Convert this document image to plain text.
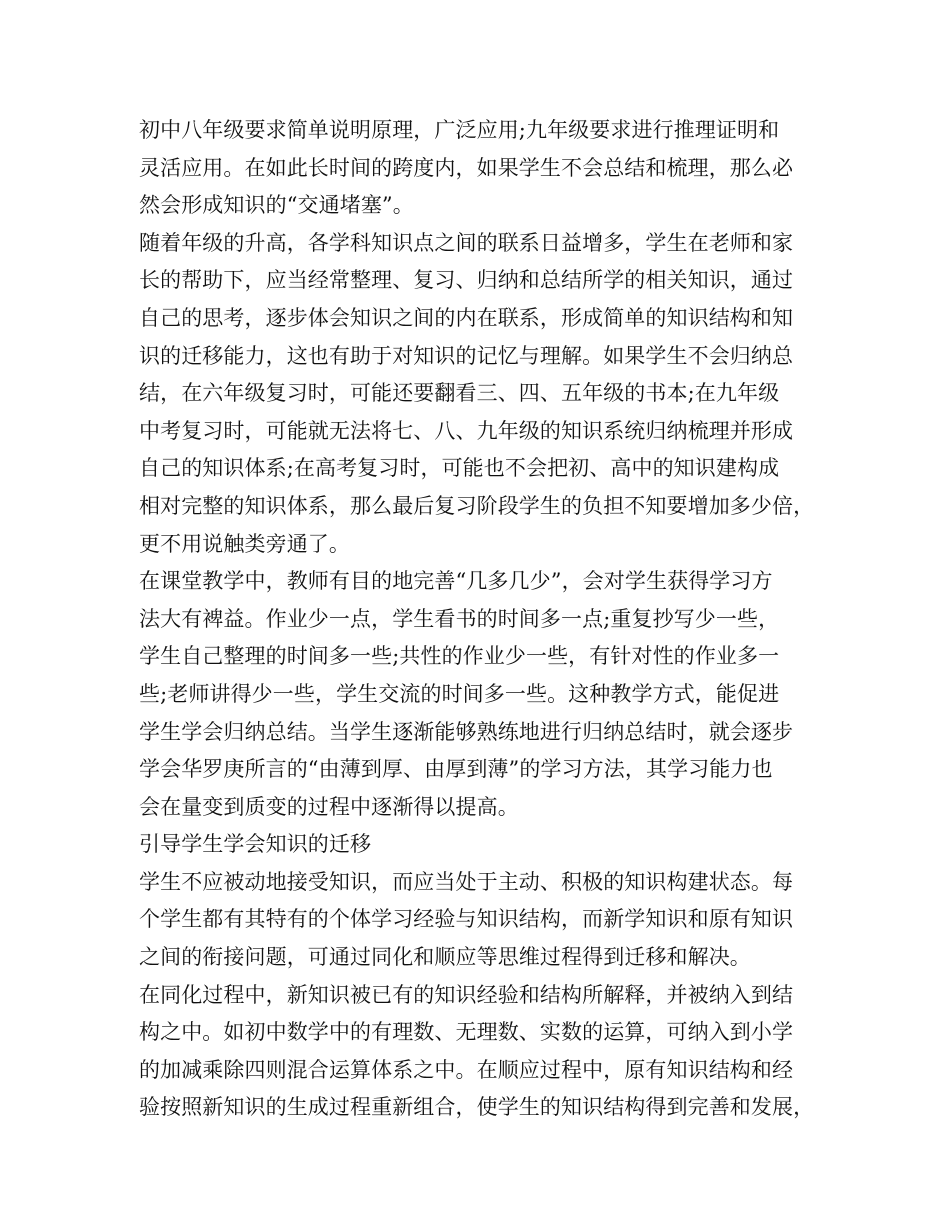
初中八年级要求简单说明原理，广泛应用;九年级要求进行推理证明和
灵活应用。在如此长时间的跨度内，如果学生不会总结和梳理，那么必
然会形成知识的“交通堵塞”。
随着年级的升高，各学科知识点之间的联系日益增多，学生在老师和家
长的帮助下，应当经常整理、复习、归纳和总结所学的相关知识，通过
自己的思考，逐步体会知识之间的内在联系，形成简单的知识结构和知
识的迁移能力，这也有助于对知识的记忆与理解。如果学生不会归纳总
结，在六年级复习时，可能还要翻看三、四、五年级的书本;在九年级
中考复习时，可能就无法将七、八、九年级的知识系统归纳梳理并形成
自己的知识体系;在高考复习时，可能也不会把初、高中的知识建构成
相对完整的知识体系，那么最后复习阶段学生的负担不知要增加多少倍，
更不用说触类旁通了。
在课堂教学中，教师有目的地完善“几多几少”，会对学生获得学习方
法大有裨益。作业少一点，学生看书的时间多一点;重复抄写少一些，
学生自己整理的时间多一些;共性的作业少一些，有针对性的作业多一
些;老师讲得少一些，学生交流的时间多一些。这种教学方式，能促进
学生学会归纳总结。当学生逐渐能够熟练地进行归纳总结时，就会逐步
学会华罗庚所言的“由薄到厚、由厚到薄”的学习方法，其学习能力也
会在量变到质变的过程中逐渐得以提高。
引导学生学会知识的迁移
学生不应被动地接受知识，而应当处于主动、积极的知识构建状态。每
个学生都有其特有的个体学习经验与知识结构，而新学知识和原有知识
之间的衔接问题，可通过同化和顺应等思维过程得到迁移和解决。
在同化过程中，新知识被已有的知识经验和结构所解释，并被纳入到结
构之中。如初中数学中的有理数、无理数、实数的运算，可纳入到小学
的加减乘除四则混合运算体系之中。在顺应过程中，原有知识结构和经
验按照新知识的生成过程重新组合，使学生的知识结构得到完善和发展，
